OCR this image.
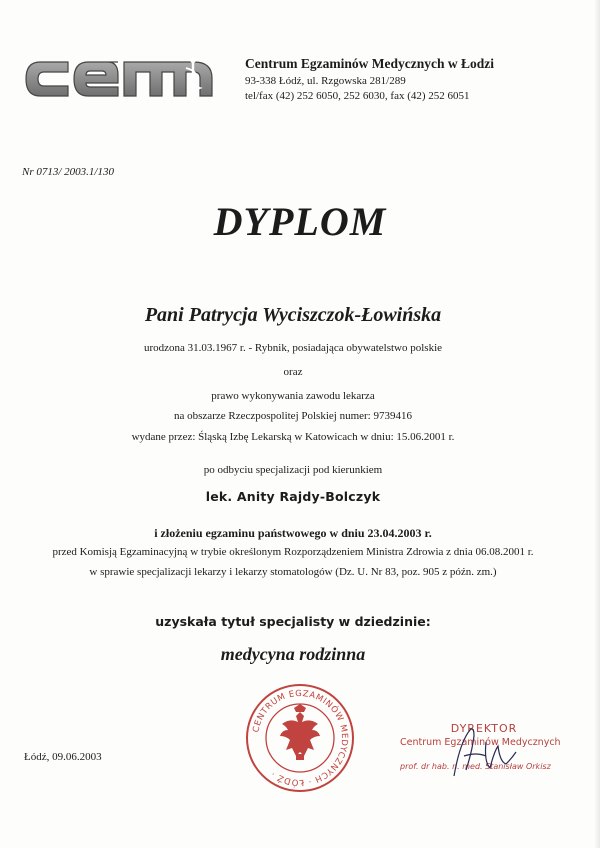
Centrum Egzaminów Medycznych w Łodzi
93-338 Łódź, ul. Rzgowska 281/289
tel/fax (42) 252 6050, 252 6030, fax (42) 252 6051
Nr 0713/ 2003.1/130
DYPLOM
Pani Patrycja Wyciszczok-Łowińska
urodzona 31.03.1967 r. - Rybnik, posiadająca obywatelstwo polskie
oraz
prawo wykonywania zawodu lekarza
na obszarze Rzeczpospolitej Polskiej numer: 9739416
wydane przez: Śląską Izbę Lekarską w Katowicach w dniu: 15.06.2001 r.
po odbyciu specjalizacji pod kierunkiem
lek. Anity Rajdy-Bolczyk
i złożeniu egzaminu państwowego w dniu 23.04.2003 r.
przed Komisją Egzaminacyjną w trybie określonym Rozporządzeniem Ministra Zdrowia z dnia 06.08.2001 r.
w sprawie specjalizacji lekarzy i lekarzy stomatologów (Dz. U. Nr 83, poz. 905 z późn. zm.)
uzyskała tytuł specjalisty w dziedzinie:
medycyna rodzinna
Łódź, 09.06.2003
CENTRUM EGZAMINÓW MEDYCZNYCH · ŁÓDŹ ·
DYREKTOR
Centrum Egzaminów Medycznych
prof. dr hab. n. med. Stanisław Orkisz
